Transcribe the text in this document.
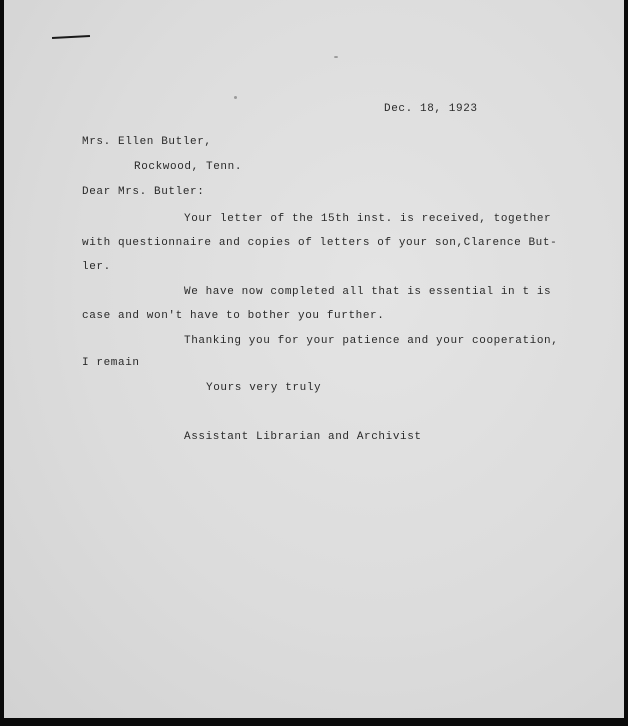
Dec. 18, 1923
Mrs. Ellen Butler,
Rockwood, Tenn.
Dear Mrs. Butler:
Your letter of the 15th inst. is received, together
with questionnaire and copies of letters of your son,Clarence But-
ler.
We have now completed all that is essential in t is
case and won't have to bother you further.
Thanking you for your patience and your cooperation,
I remain
Yours very truly
Assistant Librarian and Archivist
